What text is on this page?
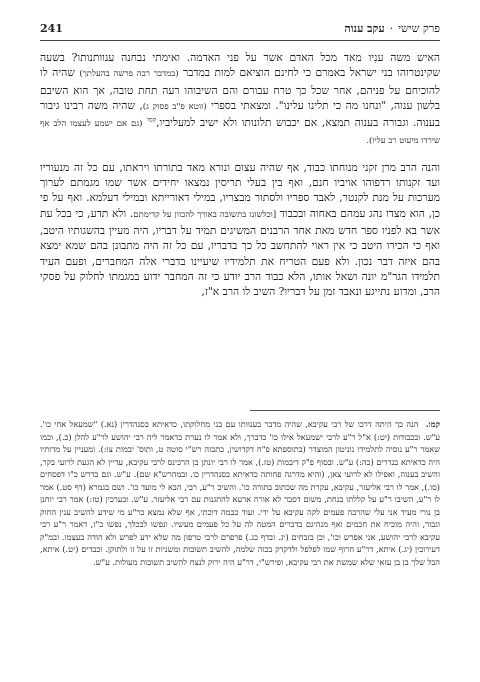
241	פרק שישי
·
עקב ענוה

האיש משה ענִיו מאד מכל האדם אשר על פני האדמה. ואימתי נבחנה ענוותנותו? בשעה שקינטרוהו בני ישראל באמרם כי לחינם הוציאם למות במדבר (במדבר רבה פרשה בהעלתך) שהיה לו להוכיחם על פניהם, אחר שכל כך טרח עבורם והם השיבוהו רעה תחת טובה, אך הוא השיבם בלשון ענוה, "ונחנו מה כי תלינו עלינו". ומצאתי בספרי (זוטא פ"ב פסוק ג), שהיה משה רבינו גיבור בענוה. וגבורה בענוה תמצא, אם יכבוש תלונותו ולא ישיב למעליביו,$^{קמו}$ (גם אם ישמע לעצמו הלב אף שירדו מיעוט רב עליו).

והנה הרב מרן זקני מנוחתו כבוד, אף שהיה עצום ונורא מאד בתורתו ויראתו, עם כל זה מנעוריו ועד זקנותו רדפוהו אויביו חנם, ואף בין בעלי תריסין נמצאו יחידים אשר שמו מגמתם לערוך מערכות על מנת לקנטר, לאבד ספריו ולסתור מבצריו, במילי דאורייתא ובמילי דעלמא. ואף על פי כן, הוא מצדו נהג עמהם באחוה ובכבוד [וכלשונו בתשובה באורך להכוון על קדימתם. ולא תדע, כי בכל עת אשר בא לפניו ספר חדש מאת אחד הרבנים המשיגים תמיד על דבריו, היה מעיין בהשגותיו היטב, ואף כי הכירו היטב כי אין ראוי להתחשב כל כך בדבריו, עם כל זה היה מתבונן בהם שמא ימצא בהם איזה דבר נכון. ולא פעם הטריח את תלמידיו שיעיינו בדברי אלה המחברים, ופעם העיד תלמידו הגר"מ יונה ושאל אותו, הלא כבוד הרב יודע כי זה המחבר ידוע במגמתו לחלוק על פסקי הרב, ומדוע נתייגע ונאבד זמן על דבריו? השיב לו הרב א"ז,

קמו. הנה כך היתה דרכו של רבי עקיבא, שהיה מדבר בענוותו עם בני מחלוקתו, כדאיתא בסנהדרין (נא.) "שמעאל אחי כו'. ע"ש. ובכבודות (יט:) א"ל ר"ע לרבי ישמעאל אילו כו' כדברך, ולא אמר לו נערת כדאמר ליה רבי יהושע לר"ע להלן (כ.), וכמו שאמר ר"ע נוסיה לתלמידו נוניטון המוצדר (בתוספתא פ"ח דקדושין, כתבוה רש"י סוטה ט, ותוס' יבמות צו:). ומעניין על מדותיו היה כדאיתא בנדרים (כה:) ע"ש. ובסוף פ"ק דיבמות (טז.), אמר לו רבי יונתן בן הרכינס לרבי עקיבא, עדיין לא הגעת לרועי בקר, והשיב בענוה, ואפילו לא לרועי צאן, (והיא מדרגה פחותה כדאיתא בסנהדרין כו. ובמהרש"א שם). ע"ש. וגם בדרש כ"ו דפסחים (סו.), אמר לו רבי אליעזר, עקיבא, עקרת מה שכתוב בתורה כו'. והשיב ר"ע, רבי, הבא לי מועד כו'. ושם בגמרא (דף סט.) אמר לו ר"ע, השיבו ר"ע על קללתו בנחת, משום דסבר לא אורח ארעא להתגנות עם רבי אליעזר. ע"ש. ובערכין (טז:) אמר רבי יוחנן בן נורי מעיד אני עלי שהרבה פעמים לקה עקיבא על ידי. ועוד כבמה דוכתי, אף שלא נמצא כר"ע מי שידע להשיב ענין החוק וגבור, והיה מוכיח את חכמים ואף מנהיגם בדברים המטה לה על כל פעמים מעשיו. ונפשו לבכלך, נפשו כ"ז, דאמר ר"ע רבי עקיבא לרבי יהושע, אני אפרש וכו', וכן בזבחים (יג. ובדף כג.) פרפרם לרבי טרפון מה שלא ידע לפרש ולא הודה בעצמו. ובמ"ק דעירובין (יג.) איתא, דר"ע חרוף שמו לפלפל ולדקדק בכוה שלמה, להשיב תשובות ומשניות זו על זו ולתוקן. וכבדים (יט.) איתא, הבל שלך בן בן עזאי שלא שמשת את רבי עקיבא, ופירש"י, דר"ע היה ירוק לנצח להשיב תשובות מעולות. ע"ש.
